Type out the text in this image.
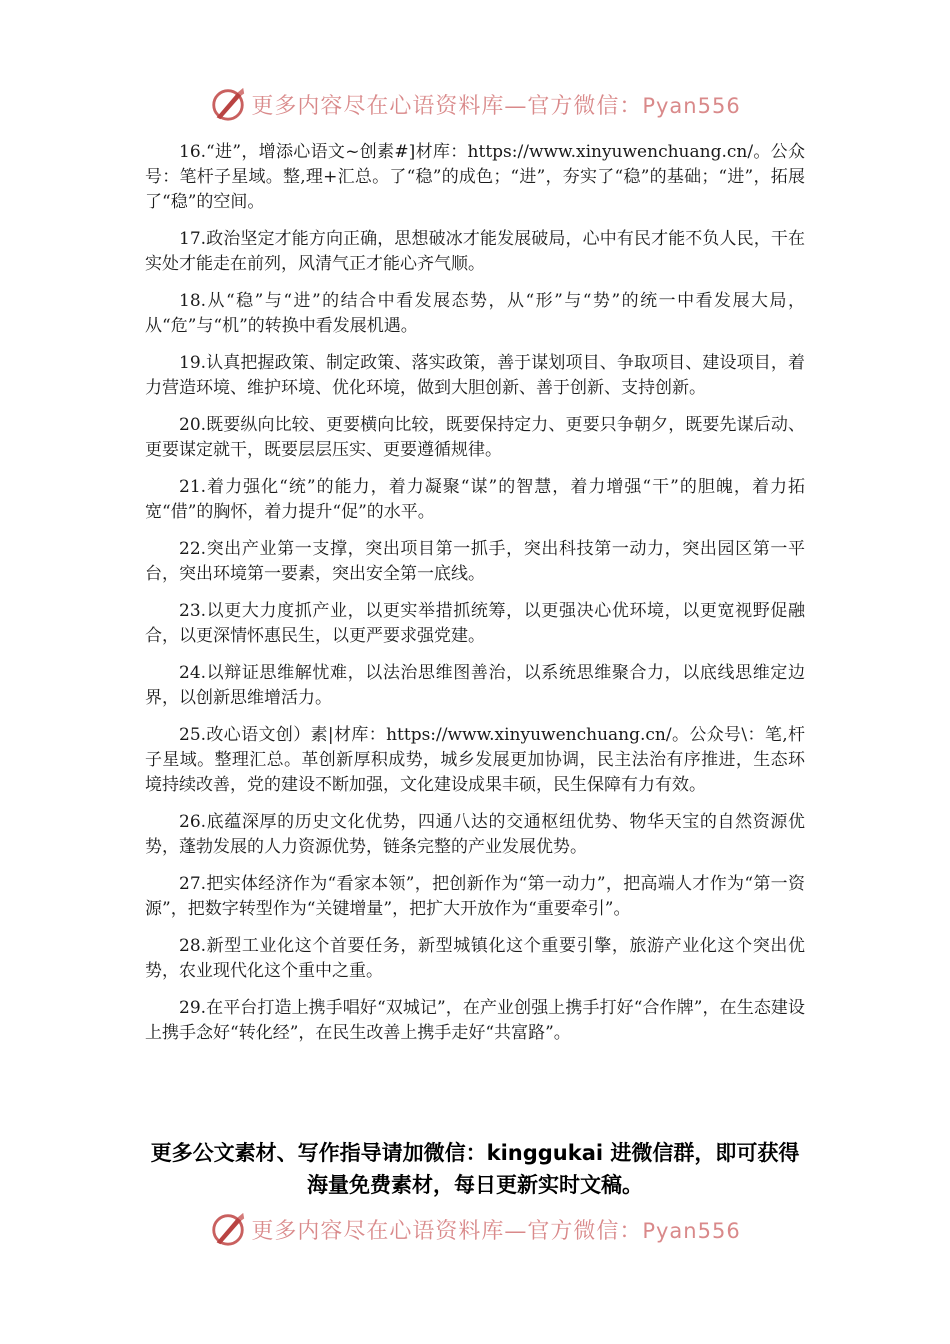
更多内容尽在心语资料库—官方微信：Pyan556

16.“进”，增添心语文~创素#]材库：https://www.xinyuwenchuang.cn/。公众号：笔杆子星域。整,理+汇总。了“稳”的成色；“进”，夯实了“稳”的基础；“进”，拓展了“稳”的空间。

17.政治坚定才能方向正确，思想破冰才能发展破局，心中有民才能不负人民，干在实处才能走在前列，风清气正才能心齐气顺。

18.从“稳”与“进”的结合中看发展态势，从“形”与“势”的统一中看发展大局，从“危”与“机”的转换中看发展机遇。

19.认真把握政策、制定政策、落实政策，善于谋划项目、争取项目、建设项目，着力营造环境、维护环境、优化环境，做到大胆创新、善于创新、支持创新。

20.既要纵向比较、更要横向比较，既要保持定力、更要只争朝夕，既要先谋后动、更要谋定就干，既要层层压实、更要遵循规律。

21.着力强化“统”的能力，着力凝聚“谋”的智慧，着力增强“干”的胆魄，着力拓宽“借”的胸怀，着力提升“促”的水平。

22.突出产业第一支撑，突出项目第一抓手，突出科技第一动力，突出园区第一平台，突出环境第一要素，突出安全第一底线。

23.以更大力度抓产业，以更实举措抓统筹，以更强决心优环境，以更宽视野促融合，以更深情怀惠民生，以更严要求强党建。

24.以辩证思维解忧难，以法治思维图善治，以系统思维聚合力，以底线思维定边界，以创新思维增活力。

25.改心语文创）素|材库：https://www.xinyuwenchuang.cn/。公众号\：笔,杆子星域。整理汇总。革创新厚积成势，城乡发展更加协调，民主法治有序推进，生态环境持续改善，党的建设不断加强，文化建设成果丰硕，民生保障有力有效。

26.底蕴深厚的历史文化优势，四通八达的交通枢纽优势、物华天宝的自然资源优势，蓬勃发展的人力资源优势，链条完整的产业发展优势。

27.把实体经济作为“看家本领”，把创新作为“第一动力”，把高端人才作为“第一资源”，把数字转型作为“关键增量”，把扩大开放作为“重要牵引”。

28.新型工业化这个首要任务，新型城镇化这个重要引擎，旅游产业化这个突出优势，农业现代化这个重中之重。

29.在平台打造上携手唱好“双城记”，在产业创强上携手打好“合作牌”，在生态建设上携手念好“转化经”，在民生改善上携手走好“共富路”。

更多公文素材、写作指导请加微信：kinggukai 进微信群，即可获得海量免费素材，每日更新实时文稿。
更多内容尽在心语资料库—官方微信：Pyan556
